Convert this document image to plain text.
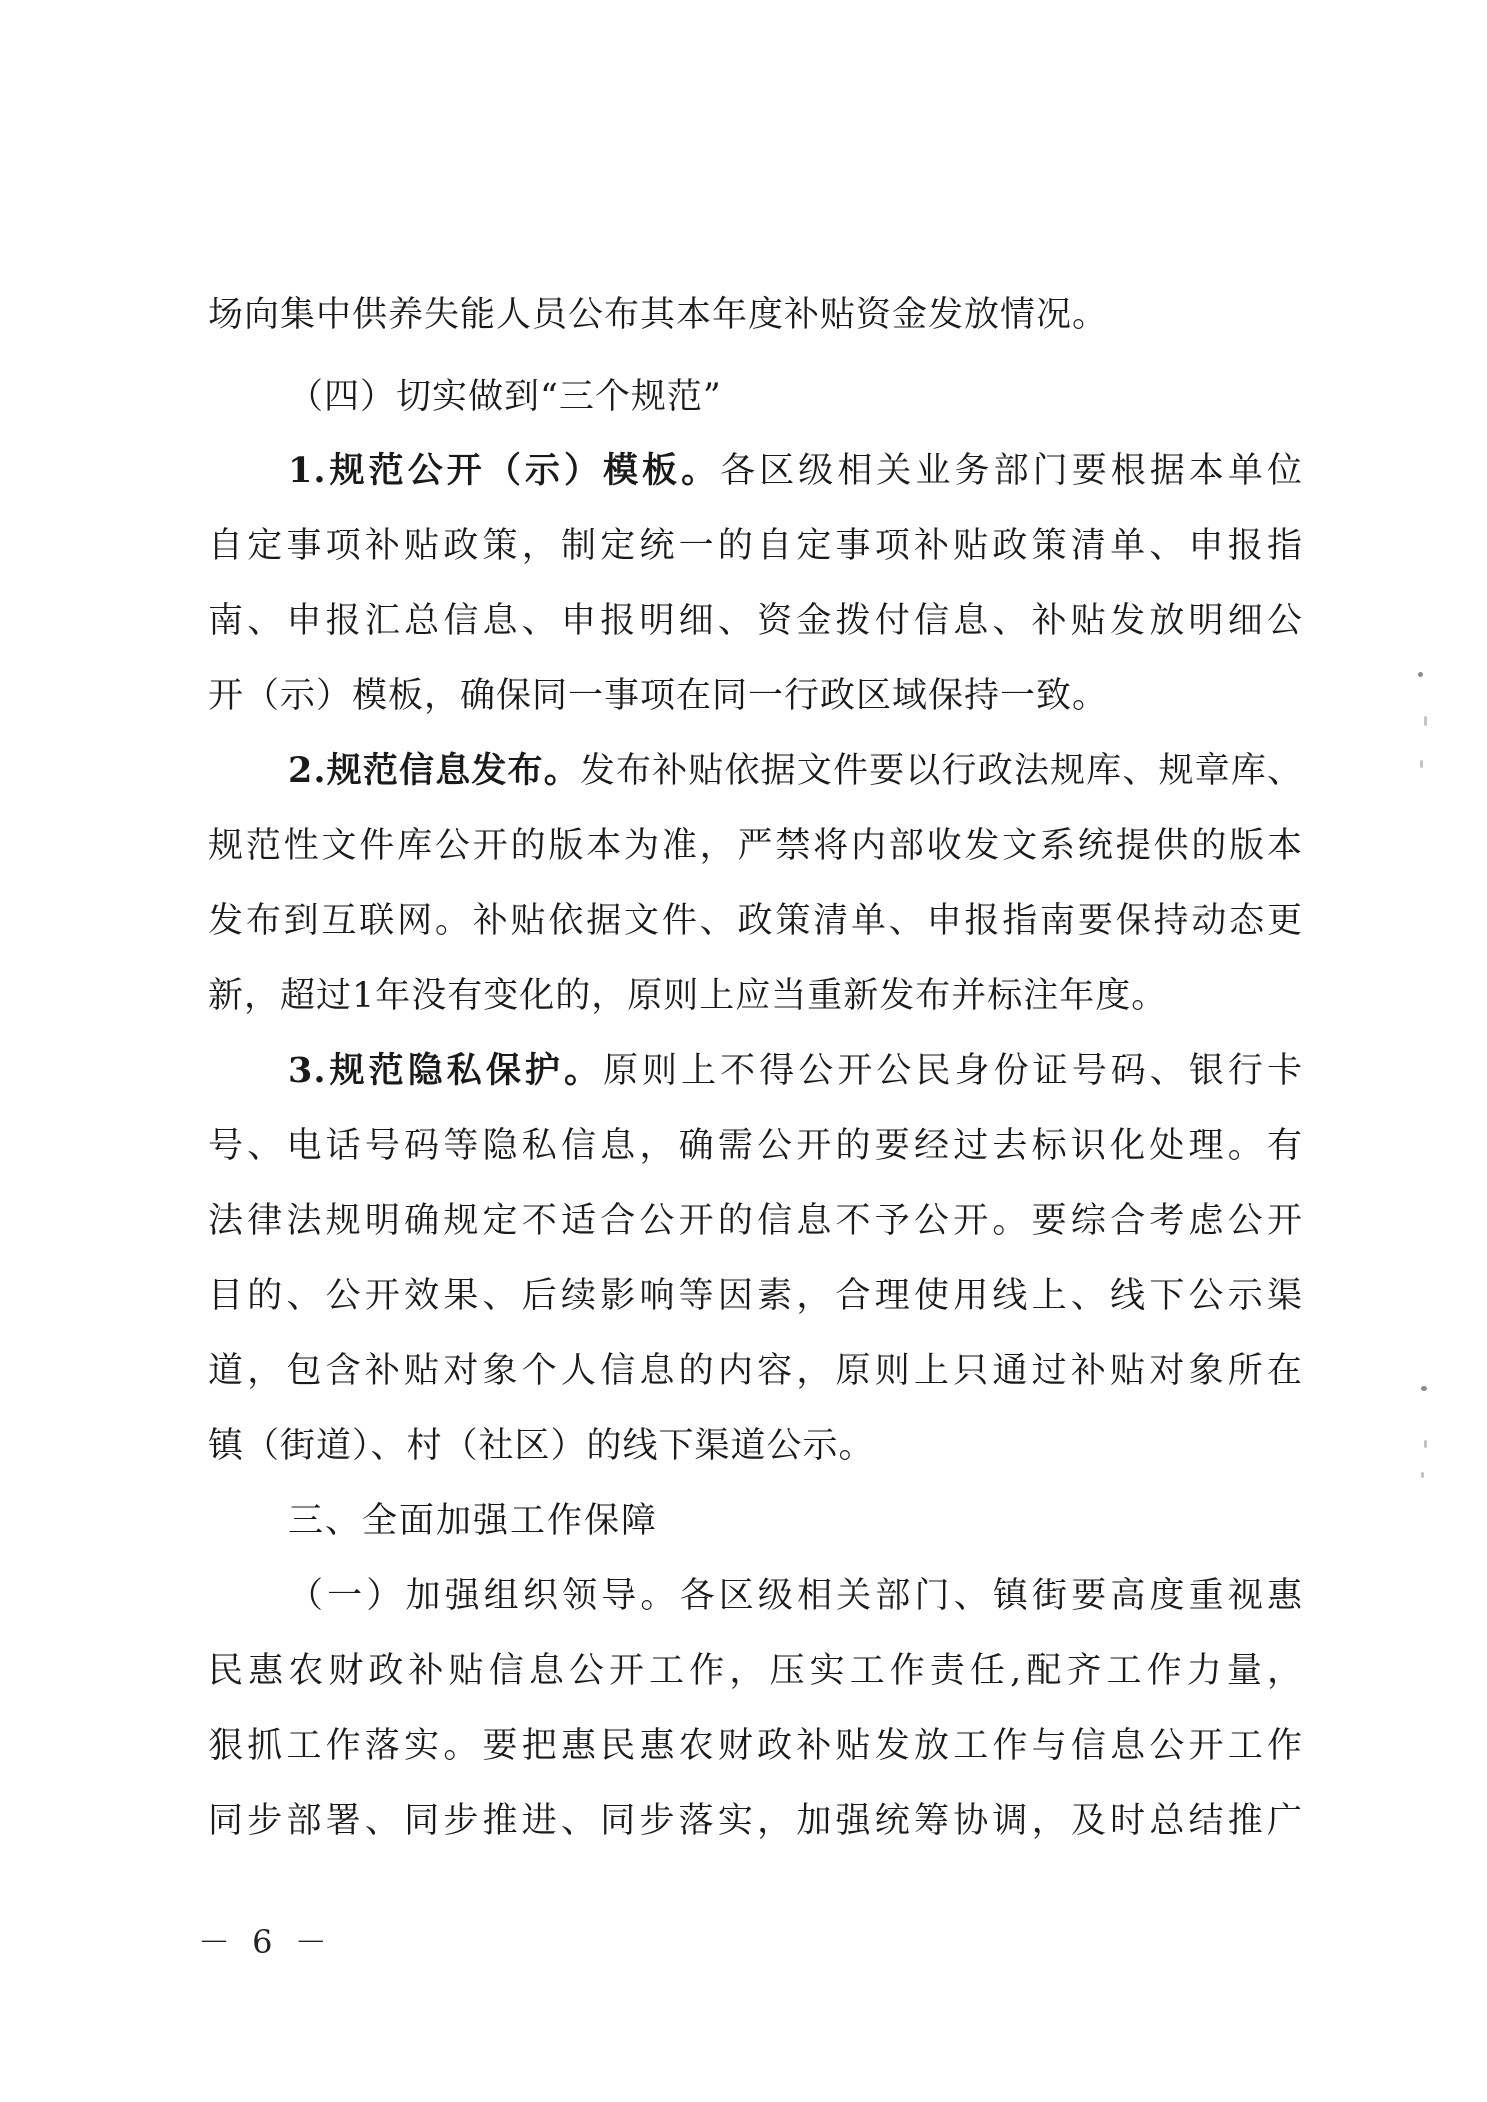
场向集中供养失能人员公布其本年度补贴资金发放情况。
（四）切实做到“三个规范”
1.规范公开（示）模板。各区级相关业务部门要根据本单位
自定事项补贴政策，制定统一的自定事项补贴政策清单、申报指
南、申报汇总信息、申报明细、资金拨付信息、补贴发放明细公
开（示）模板，确保同一事项在同一行政区域保持一致。
2.规范信息发布。发布补贴依据文件要以行政法规库、规章库、
规范性文件库公开的版本为准，严禁将内部收发文系统提供的版本
发布到互联网。补贴依据文件、政策清单、申报指南要保持动态更
新，超过1年没有变化的，原则上应当重新发布并标注年度。
3.规范隐私保护。原则上不得公开公民身份证号码、银行卡
号、电话号码等隐私信息，确需公开的要经过去标识化处理。有
法律法规明确规定不适合公开的信息不予公开。要综合考虑公开
目的、公开效果、后续影响等因素，合理使用线上、线下公示渠
道，包含补贴对象个人信息的内容，原则上只通过补贴对象所在
镇（街道）、村（社区）的线下渠道公示。
三、全面加强工作保障
（一）加强组织领导。各区级相关部门、镇街要高度重视惠
民惠农财政补贴信息公开工作，压实工作责任,配齐工作力量，
狠抓工作落实。要把惠民惠农财政补贴发放工作与信息公开工作
同步部署、同步推进、同步落实，加强统筹协调，及时总结推广
－ 6 －
